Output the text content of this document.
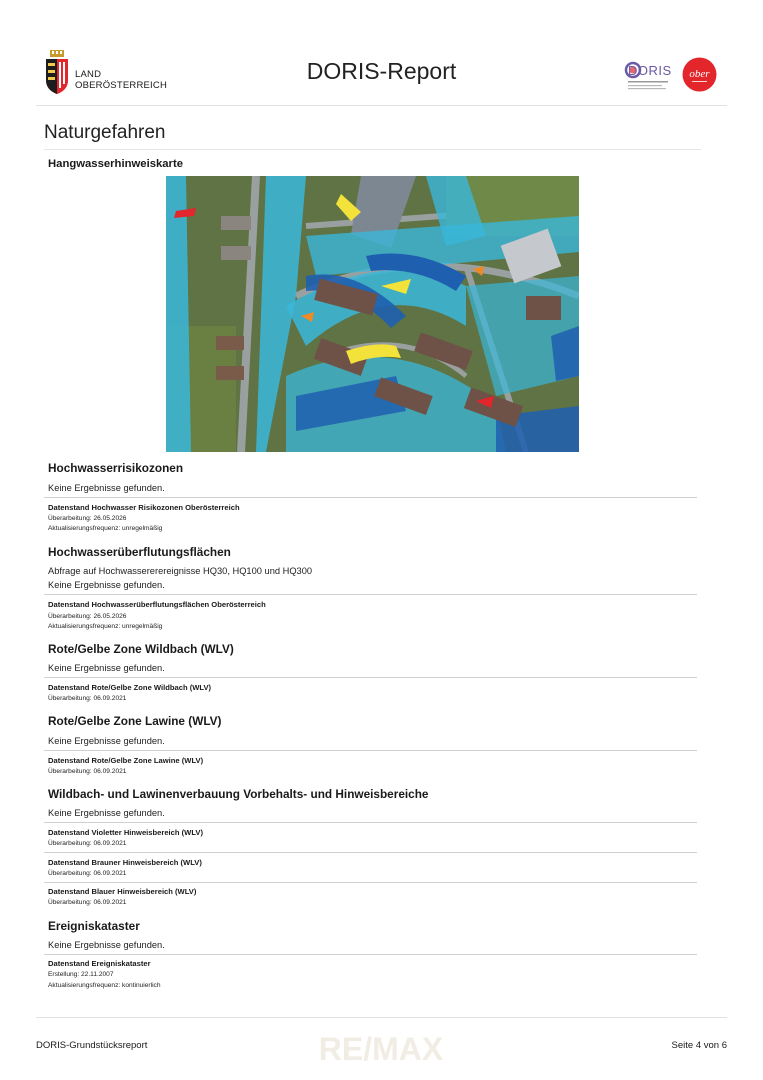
LAND
OBERÖSTERREICH
DORIS-Report	DORIS ober
Naturgefahren
Hangwasserhinweiskarte
Hochwasserrisikozonen
Keine Ergebnisse gefunden.
Datenstand Hochwasser Risikozonen Oberösterreich
Überarbeitung: 26.05.2026
Aktualisierungsfrequenz: unregelmäßig
Hochwasserüberflutungsflächen
Abfrage auf Hochwassererereignisse HQ30, HQ100 und HQ300
Keine Ergebnisse gefunden.
Datenstand Hochwasserüberflutungsflächen Oberösterreich
Überarbeitung: 26.05.2026
Aktualisierungsfrequenz: unregelmäßig
Rote/Gelbe Zone Wildbach (WLV)
Keine Ergebnisse gefunden.
Datenstand Rote/Gelbe Zone Wildbach (WLV)
Überarbeitung: 06.09.2021
Rote/Gelbe Zone Lawine (WLV)
Keine Ergebnisse gefunden.
Datenstand Rote/Gelbe Zone Lawine (WLV)
Überarbeitung: 06.09.2021
Wildbach- und Lawinenverbauung Vorbehalts- und Hinweisbereiche
Keine Ergebnisse gefunden.
Datenstand Violetter Hinweisbereich (WLV)
Überarbeitung: 06.09.2021
Datenstand Brauner Hinweisbereich (WLV)
Überarbeitung: 06.09.2021
Datenstand Blauer Hinweisbereich (WLV)
Überarbeitung: 06.09.2021
Ereigniskataster
Keine Ergebnisse gefunden.
Datenstand Ereigniskataster
Erstellung: 22.11.2007
Aktualisierungsfrequenz: kontinuierlich
DORIS-Grundstücksreport	RE/MAX	Seite 4 von 6
